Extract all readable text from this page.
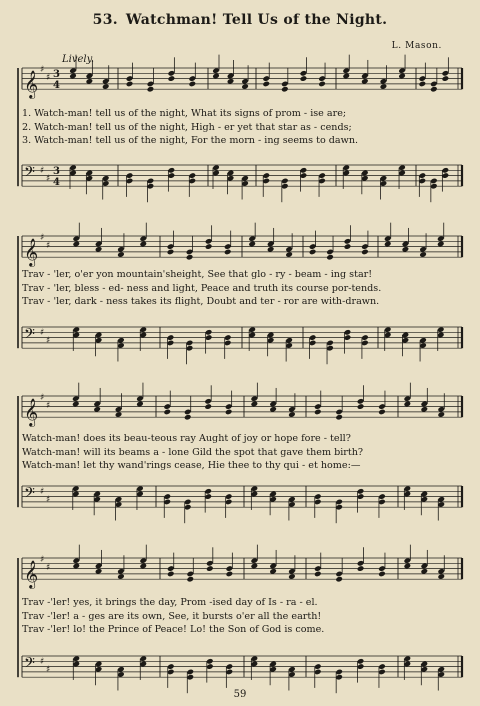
53. Watchman! Tell Us of the Night.
L. Mason.
Lively.
𝄞
♯
♯ 3
4
𝄢 ♯
♯
3
4
1. Watch-man! tell us of the night, What its signs of prom - ise are;
2. Watch-man! tell us of the night, High - er yet that star as - cends;
3. Watch-man! tell us of the night, For the morn - ing seems to dawn.
𝄞
♯
♯
𝄢 ♯
♯
Trav - 'ler, o'er yon mountain'sheight, See that glo - ry - beam - ing star!
Trav - 'ler, bless - ed- ness and light, Peace and truth its course por-tends.
Trav - 'ler, dark - ness takes its flight, Doubt and ter - ror are with-drawn.
𝄞
♯
♯
𝄢 ♯
♯
Watch-man! does its beau-teous ray Aught of joy or hope fore - tell?
Watch-man! will its beams a - lone Gild the spot that gave them birth?
Watch-man! let thy wand'rings cease, Hie thee to thy qui - et home:—
𝄞
♯
♯
𝄢 ♯
♯
Trav -'ler! yes, it brings the day, Prom -ised day of Is - ra - el.
Trav -'ler! a - ges are its own, See, it bursts o'er all the earth!
Trav -'ler! lo! the Prince of Peace! Lo! the Son of God is come.
59
